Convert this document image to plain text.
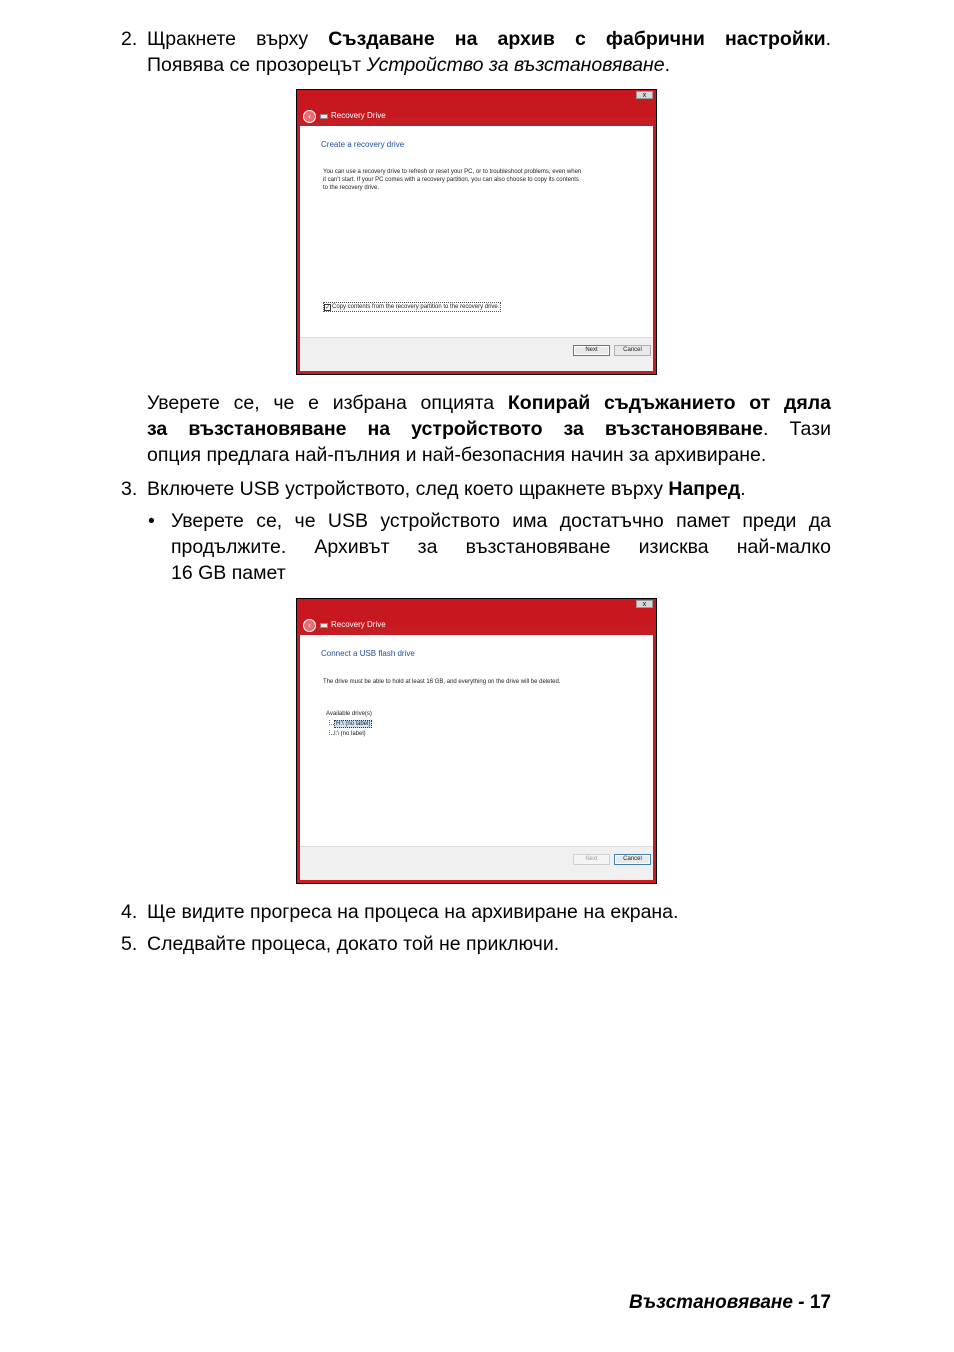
2. Щракнете върху Създаване на архив с фабрични настройки.
Появява се прозорецът Устройство за възстановяване.
x
‹	Recovery Drive
Create a recovery drive
You can use a recovery drive to refresh or reset your PC, or to troubleshoot problems, even when
it can't start. If your PC comes with a recovery partition, you can also choose to copy its contents
to the recovery drive.
✓ Copy contents from the recovery partition to the recovery drive.
Next	Cancel
Уверете се, че е избрана опцията Копирай съдъжанието от дяла
за възстановяване на устройството за възстановяване. Тази
опция предлага най-пълния и най-безопасния начин за архивиране.
3. Включете USB устройството, след което щракнете върху Напред.
• Уверете се, че USB устройството има достатъчно памет преди да
продължите. Архивът за възстановяване изисква най-малко
16 GB памет
x
‹	Recovery Drive
Connect a USB flash drive
The drive must be able to hold at least 16 GB, and everything on the drive will be deleted.
Available drive(s)
H:\ (no label)
I:\ (no label)
Next	Cancel
4. Ще видите прогреса на процеса на архивиране на екрана.
5. Следвайте процеса, докато той не приключи.
Възстановяване - 17
